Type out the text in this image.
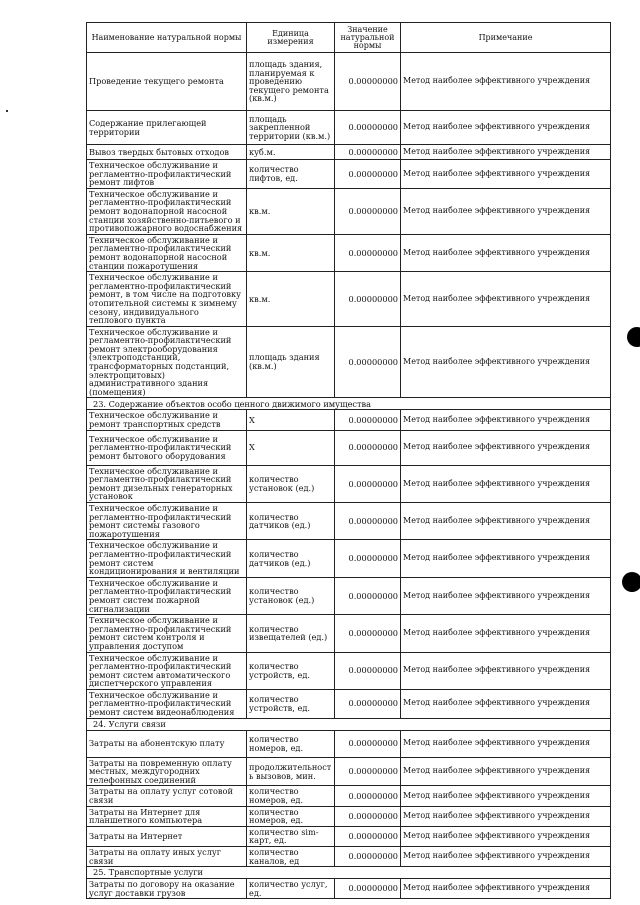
Наименование натуральной нормы	Единица измерения	Значение натуральной нормы	Примечание
Проведение текущего ремонта	площадь здания, планируемая к проведению текущего ремонта (кв.м.)	0.00000000	Метод наиболее эффективного учреждения
Содержание прилегающей территории	площадь закрепленной территории (кв.м.)	0.00000000	Метод наиболее эффективного учреждения
Вывоз твердых бытовых отходов	куб.м.	0.00000000	Метод наиболее эффективного учреждения
Техническое обслуживание и регламентно-профилактический ремонт лифтов	количество лифтов, ед.	0.00000000	Метод наиболее эффективного учреждения
Техническое обслуживание и регламентно-профилактический ремонт водонапорной насосной станции хозяйственно-питьевого и противопожарного водоснабжения	кв.м.	0.00000000	Метод наиболее эффективного учреждения
Техническое обслуживание и регламентно-профилактический ремонт водонапорной насосной станции пожаротушения	кв.м.	0.00000000	Метод наиболее эффективного учреждения
Техническое обслуживание и регламентно-профилактический ремонт, в том числе на подготовку отопительной системы к зимнему сезону, индивидуального теплового пункта	кв.м.	0.00000000	Метод наиболее эффективного учреждения
Техническое обслуживание и регламентно-профилактический ремонт электрооборудования (электроподстанций, трансформаторных подстанций, электрощитовых) административного здания (помещения)	площадь здания (кв.м.)	0.00000000	Метод наиболее эффективного учреждения
23. Содержание объектов особо ценного движимого имущества			
Техническое обслуживание и ремонт транспортных средств	X	0.00000000	Метод наиболее эффективного учреждения
Техническое обслуживание и регламентно-профилактический ремонт бытового оборудования	X	0.00000000	Метод наиболее эффективного учреждения
Техническое обслуживание и регламентно-профилактический ремонт дизельных генераторных установок	количество установок (ед.)	0.00000000	Метод наиболее эффективного учреждения
Техническое обслуживание и регламентно-профилактический ремонт системы газового пожаротушения	количество датчиков (ед.)	0.00000000	Метод наиболее эффективного учреждения
Техническое обслуживание и регламентно-профилактический ремонт систем кондиционирования и вентиляции	количество датчиков (ед.)	0.00000000	Метод наиболее эффективного учреждения
Техническое обслуживание и регламентно-профилактический ремонт систем пожарной сигнализации	количество установок (ед.)	0.00000000	Метод наиболее эффективного учреждения
Техническое обслуживание и регламентно-профилактический ремонт систем контроля и управления доступом	количество извещателей (ед.)	0.00000000	Метод наиболее эффективного учреждения
Техническое обслуживание и регламентно-профилактический ремонт систем автоматического диспетчерского управления	количество устройств, ед.	0.00000000	Метод наиболее эффективного учреждения
Техническое обслуживание и регламентно-профилактический ремонт систем видеонаблюдения	количество устройств, ед.	0.00000000	Метод наиболее эффективного учреждения
24. Услуги связи			
Затраты на абонентскую плату	количество номеров, ед.	0.00000000	Метод наиболее эффективного учреждения
Затраты на повременную оплату местных, междугородних телефонных соединений	продолжительность вызовов, мин.	0.00000000	Метод наиболее эффективного учреждения
Затраты на оплату услуг сотовой связи	количество номеров, ед.	0.00000000	Метод наиболее эффективного учреждения
Затраты на Интернет для планшетного компьютера	количество номеров, ед.	0.00000000	Метод наиболее эффективного учреждения
Затраты на Интернет	количество sim-карт, ед.	0.00000000	Метод наиболее эффективного учреждения
Затраты на оплату иных услуг связи	количество каналов, ед	0.00000000	Метод наиболее эффективного учреждения
25. Транспортные услуги			
Затраты по договору на оказание услуг доставки грузов	количество услуг, ед.	0.00000000	Метод наиболее эффективного учреждения
